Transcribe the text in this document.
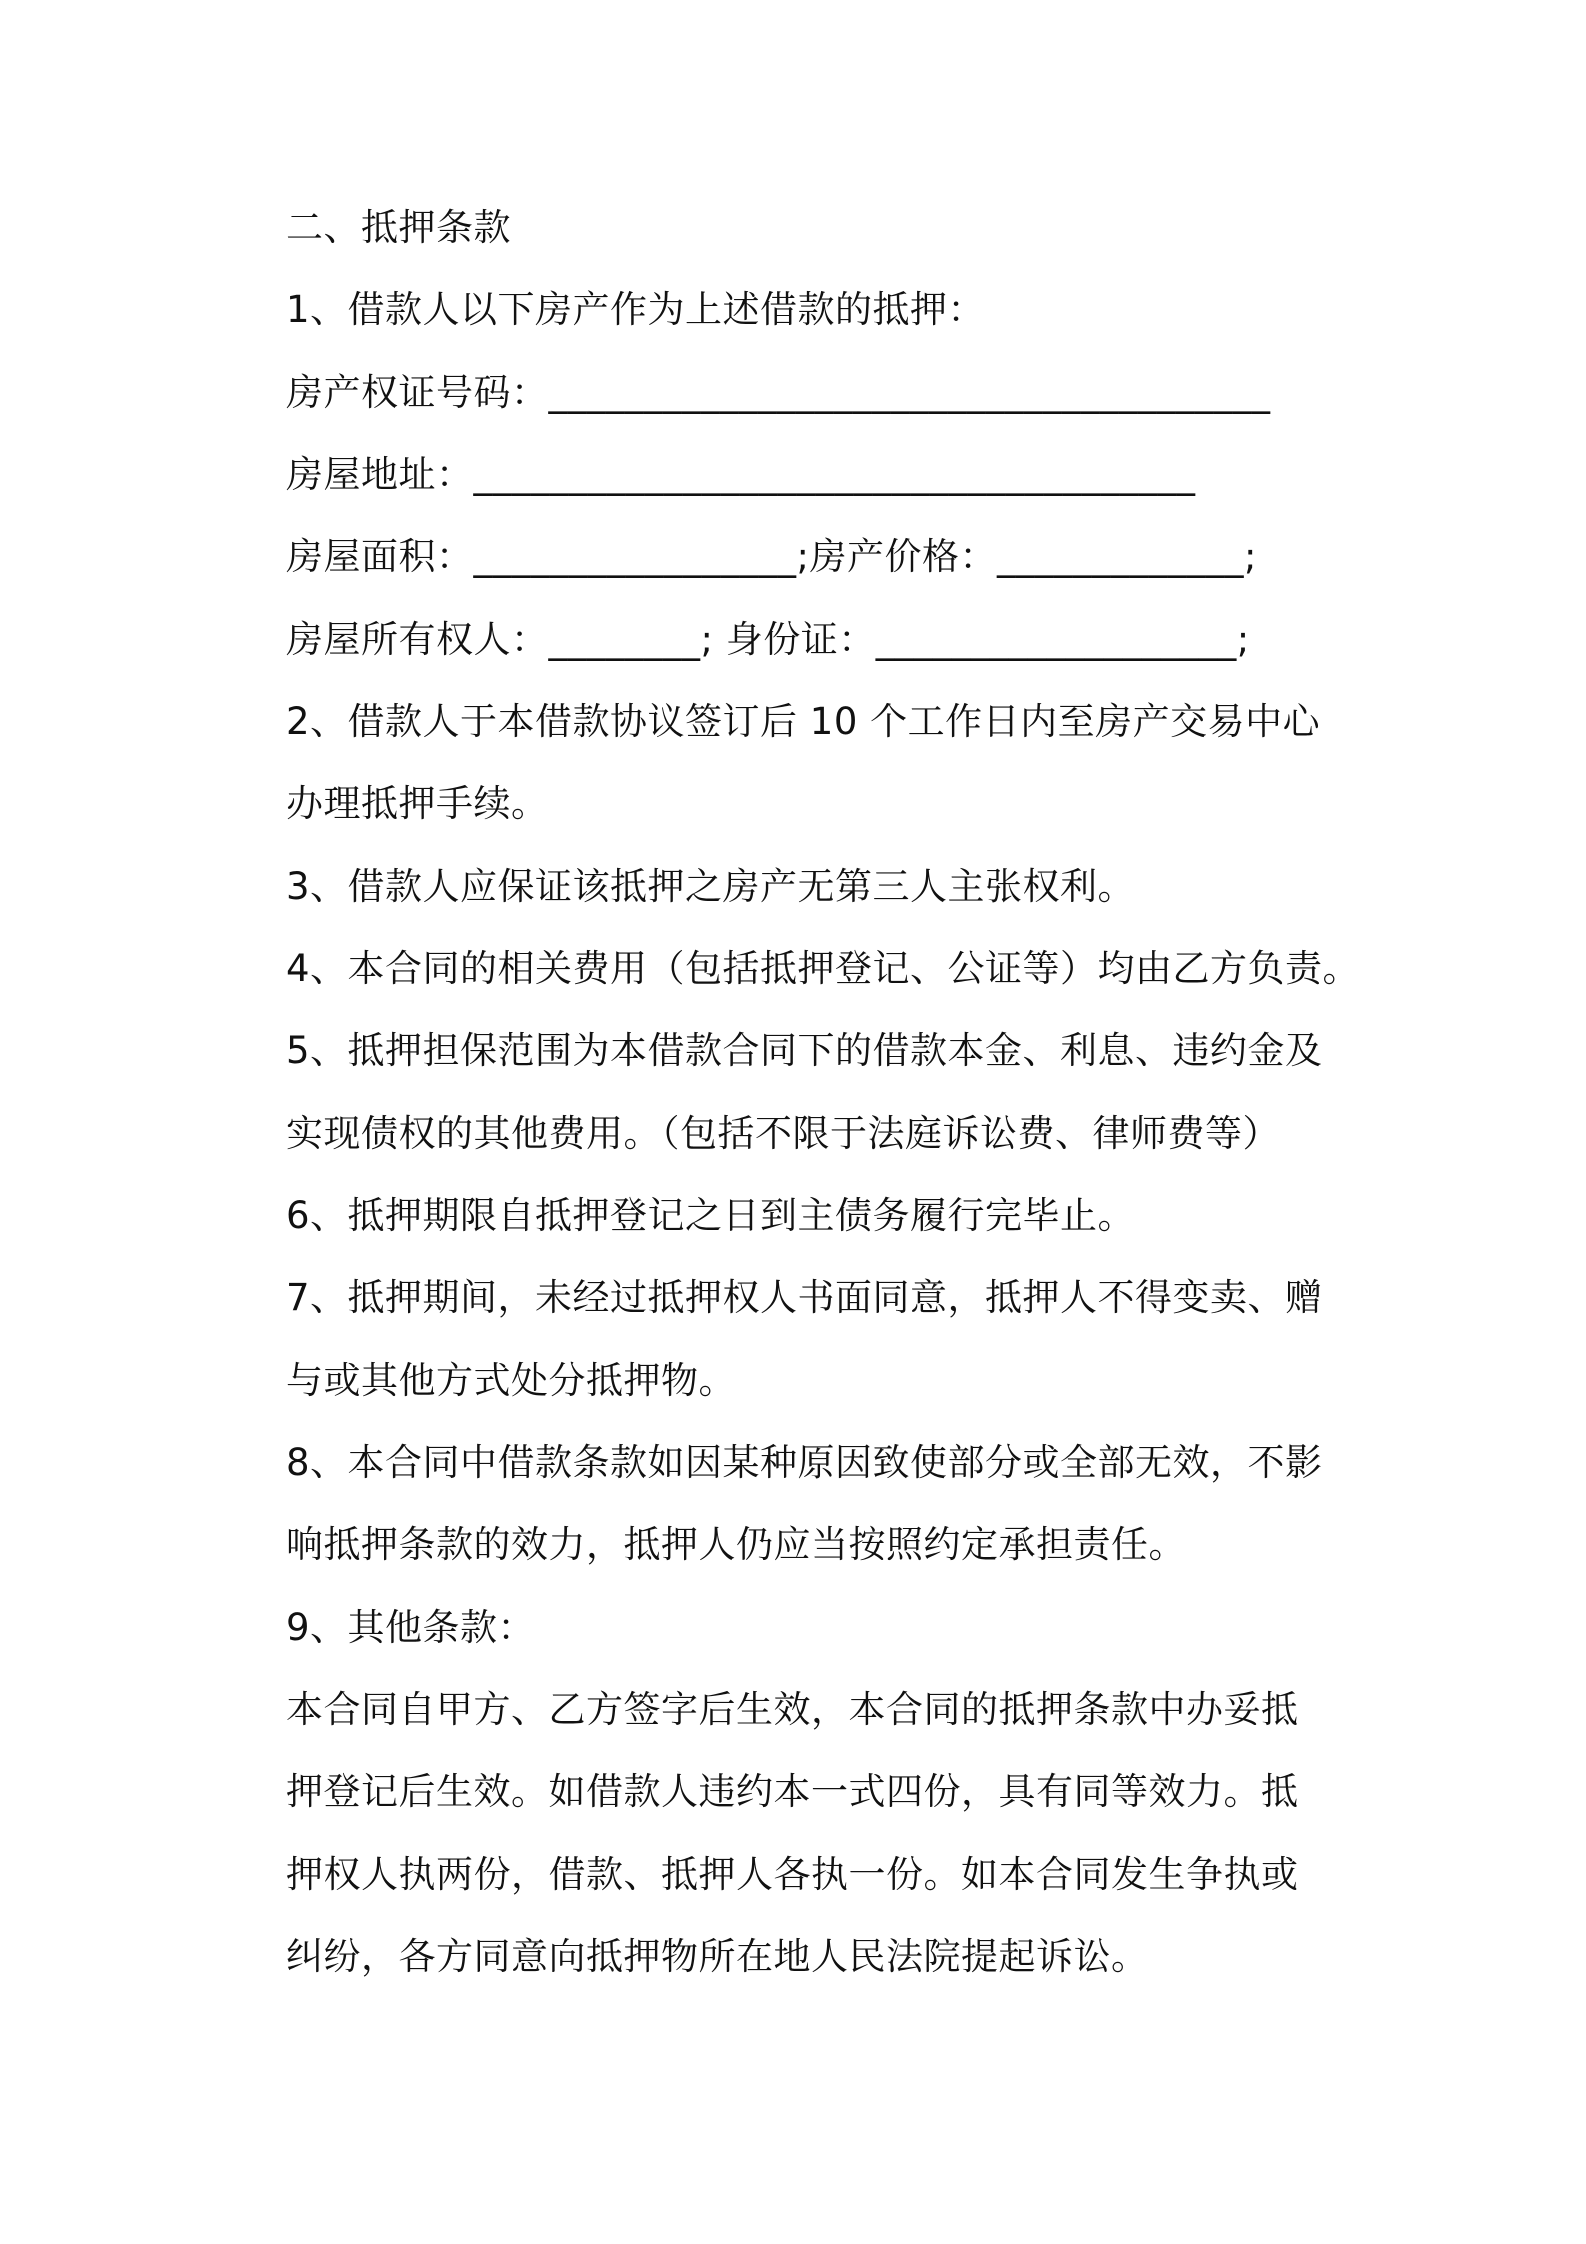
二、抵押条款
1、借款人以下房产作为上述借款的抵押：
房产权证号码：______________________________________
房屋地址：______________________________________
房屋面积：_________________;房产价格：_____________;
房屋所有权人：________; 身份证：___________________;
2、借款人于本借款协议签订后 10 个工作日内至房产交易中心
办理抵押手续。
3、借款人应保证该抵押之房产无第三人主张权利。
4、本合同的相关费用（包括抵押登记、公证等）均由乙方负责。
5、抵押担保范围为本借款合同下的借款本金、利息、违约金及
实现债权的其他费用。（包括不限于法庭诉讼费、律师费等）
6、抵押期限自抵押登记之日到主债务履行完毕止。
7、抵押期间，未经过抵押权人书面同意，抵押人不得变卖、赠
与或其他方式处分抵押物。
8、本合同中借款条款如因某种原因致使部分或全部无效，不影
响抵押条款的效力，抵押人仍应当按照约定承担责任。
9、其他条款：
本合同自甲方、乙方签字后生效，本合同的抵押条款中办妥抵
押登记后生效。如借款人违约本一式四份，具有同等效力。抵
押权人执两份，借款、抵押人各执一份。如本合同发生争执或
纠纷，各方同意向抵押物所在地人民法院提起诉讼。
